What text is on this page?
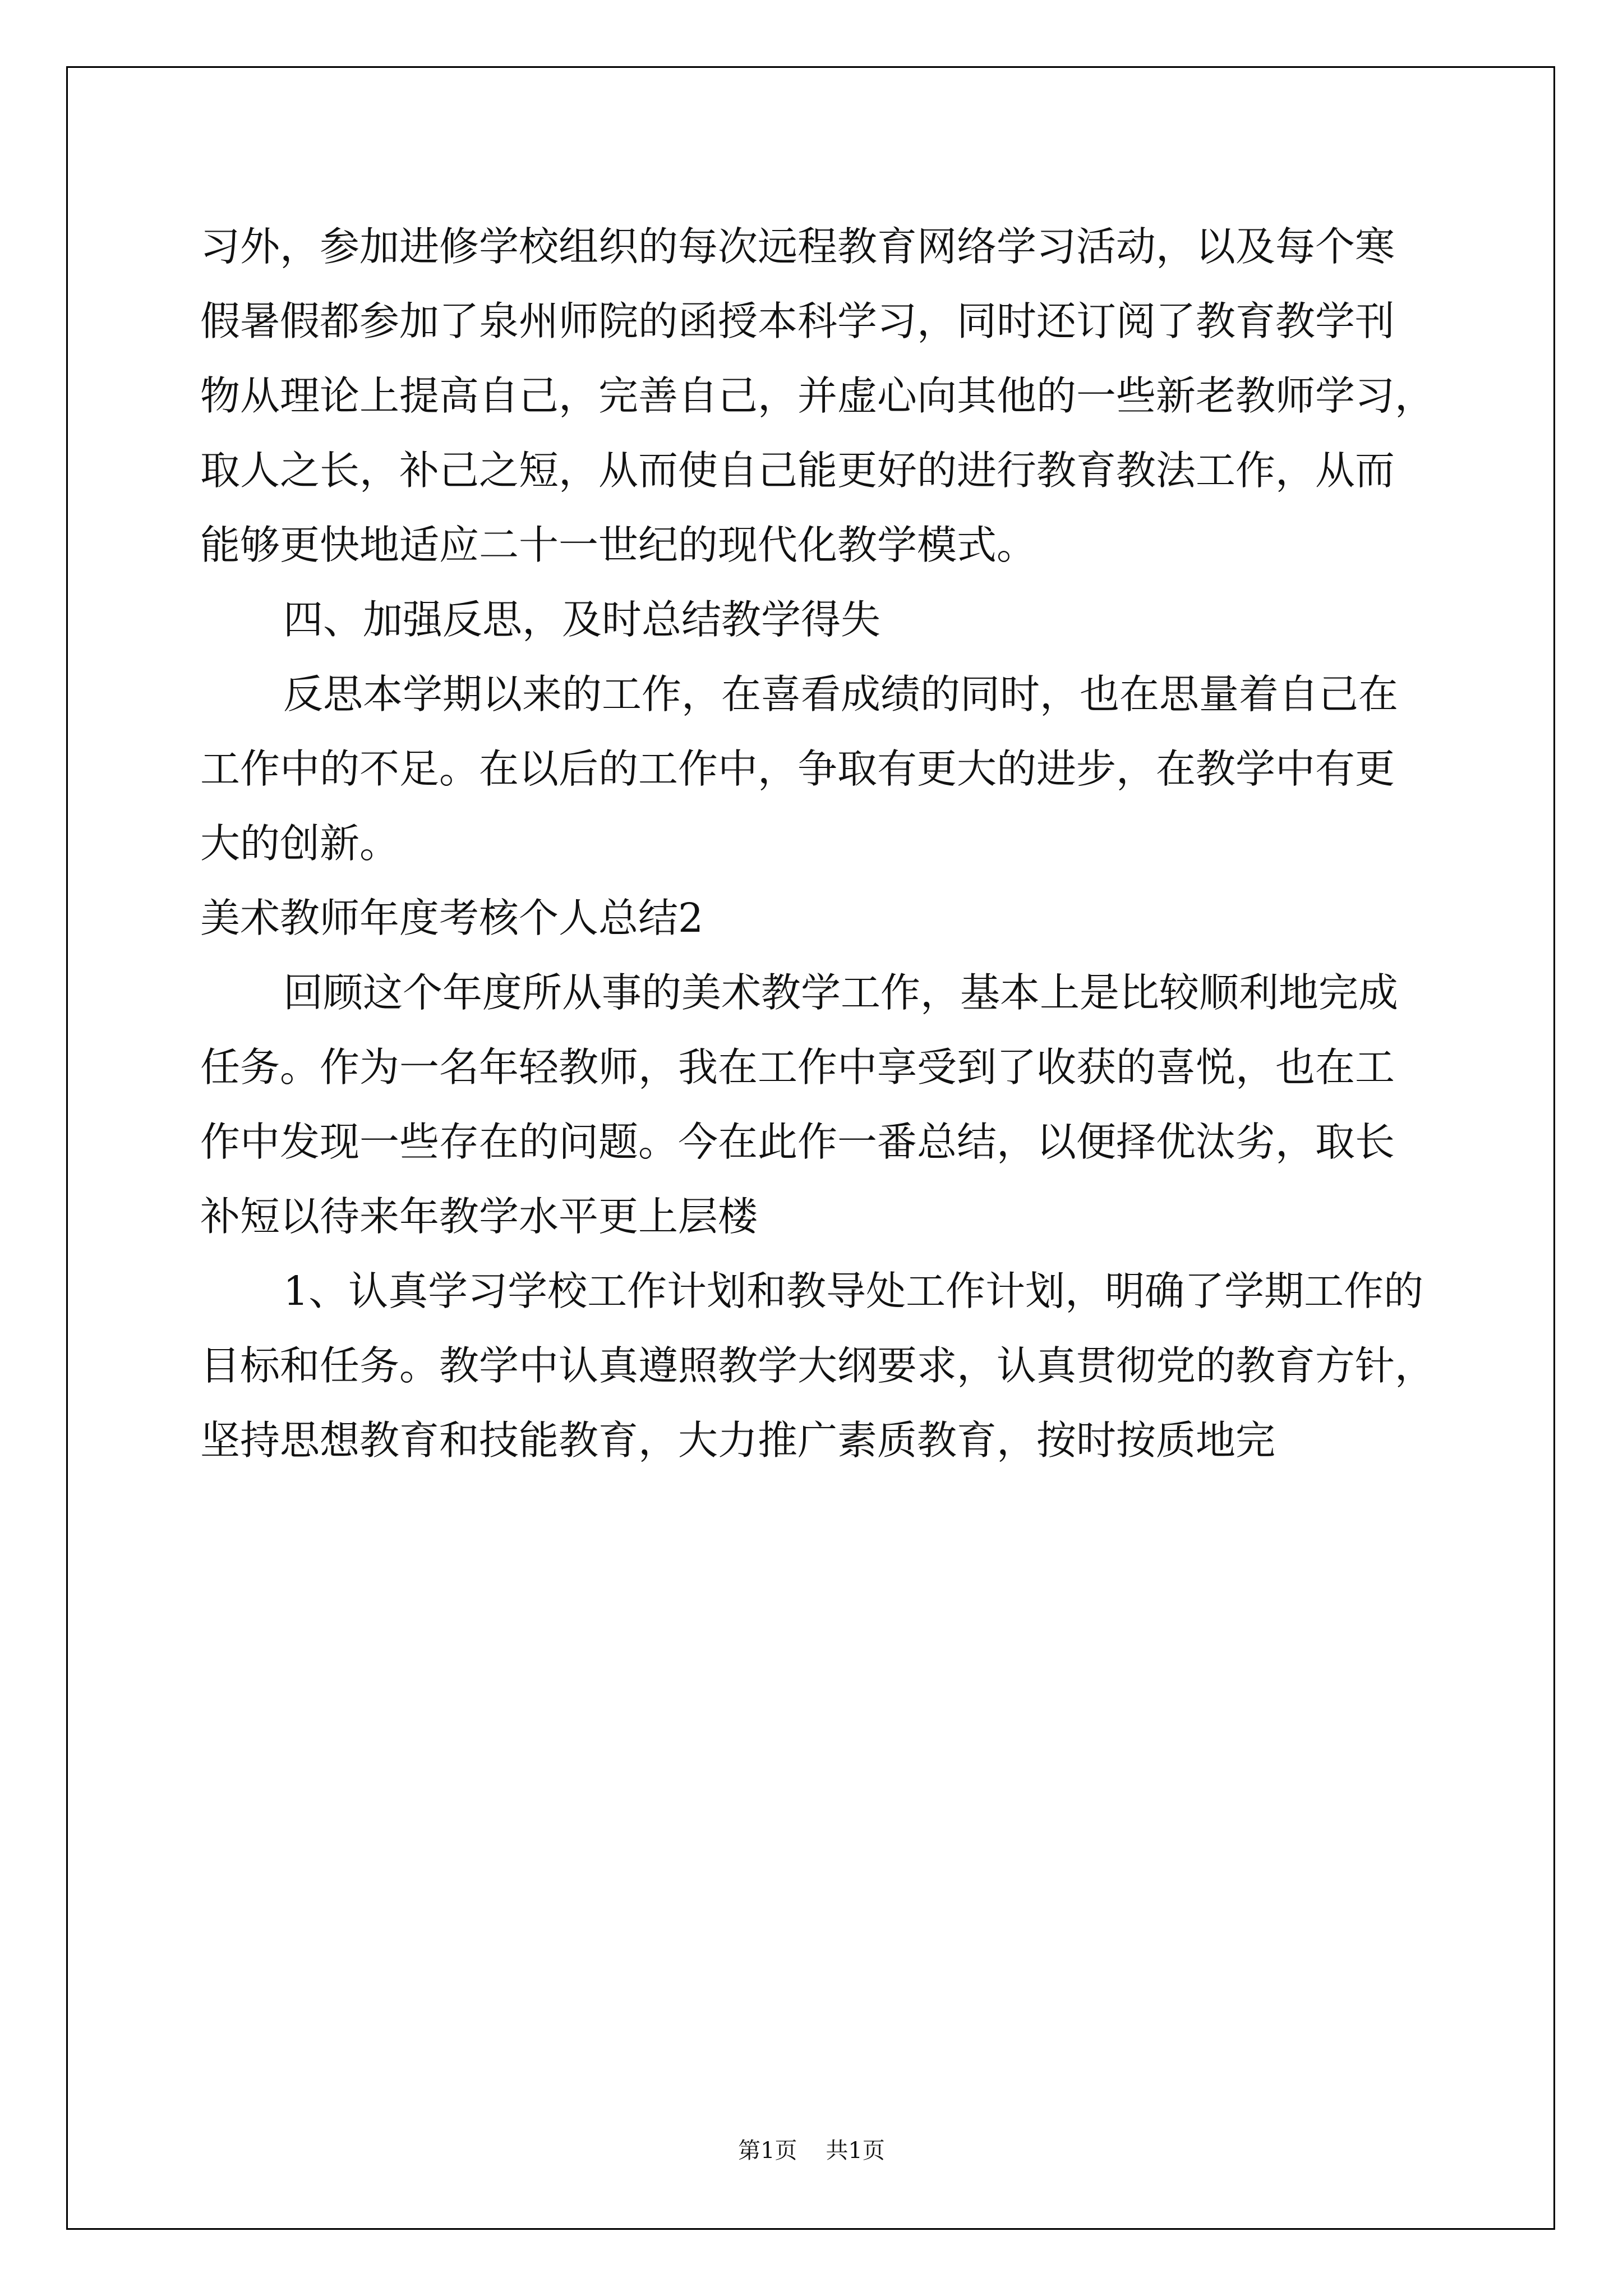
习外，参加进修学校组织的每次远程教育网络学习活动，以及每个寒
假暑假都参加了泉州师院的函授本科学习，同时还订阅了教育教学刊
物从理论上提高自己，完善自己，并虚心向其他的一些新老教师学习，
取人之长，补己之短，从而使自己能更好的进行教育教法工作，从而
能够更快地适应二十一世纪的现代化教学模式。
四、加强反思，及时总结教学得失
反思本学期以来的工作，在喜看成绩的同时，也在思量着自己在
工作中的不足。在以后的工作中，争取有更大的进步，在教学中有更
大的创新。
美术教师年度考核个人总结2
回顾这个年度所从事的美术教学工作，基本上是比较顺利地完成
任务。作为一名年轻教师，我在工作中享受到了收获的喜悦，也在工
作中发现一些存在的问题。今在此作一番总结，以便择优汰劣，取长
补短以待来年教学水平更上层楼
1、认真学习学校工作计划和教导处工作计划，明确了学期工作的
目标和任务。教学中认真遵照教学大纲要求，认真贯彻党的教育方针，
坚持思想教育和技能教育，大力推广素质教育，按时按质地完
第1页    共1页
